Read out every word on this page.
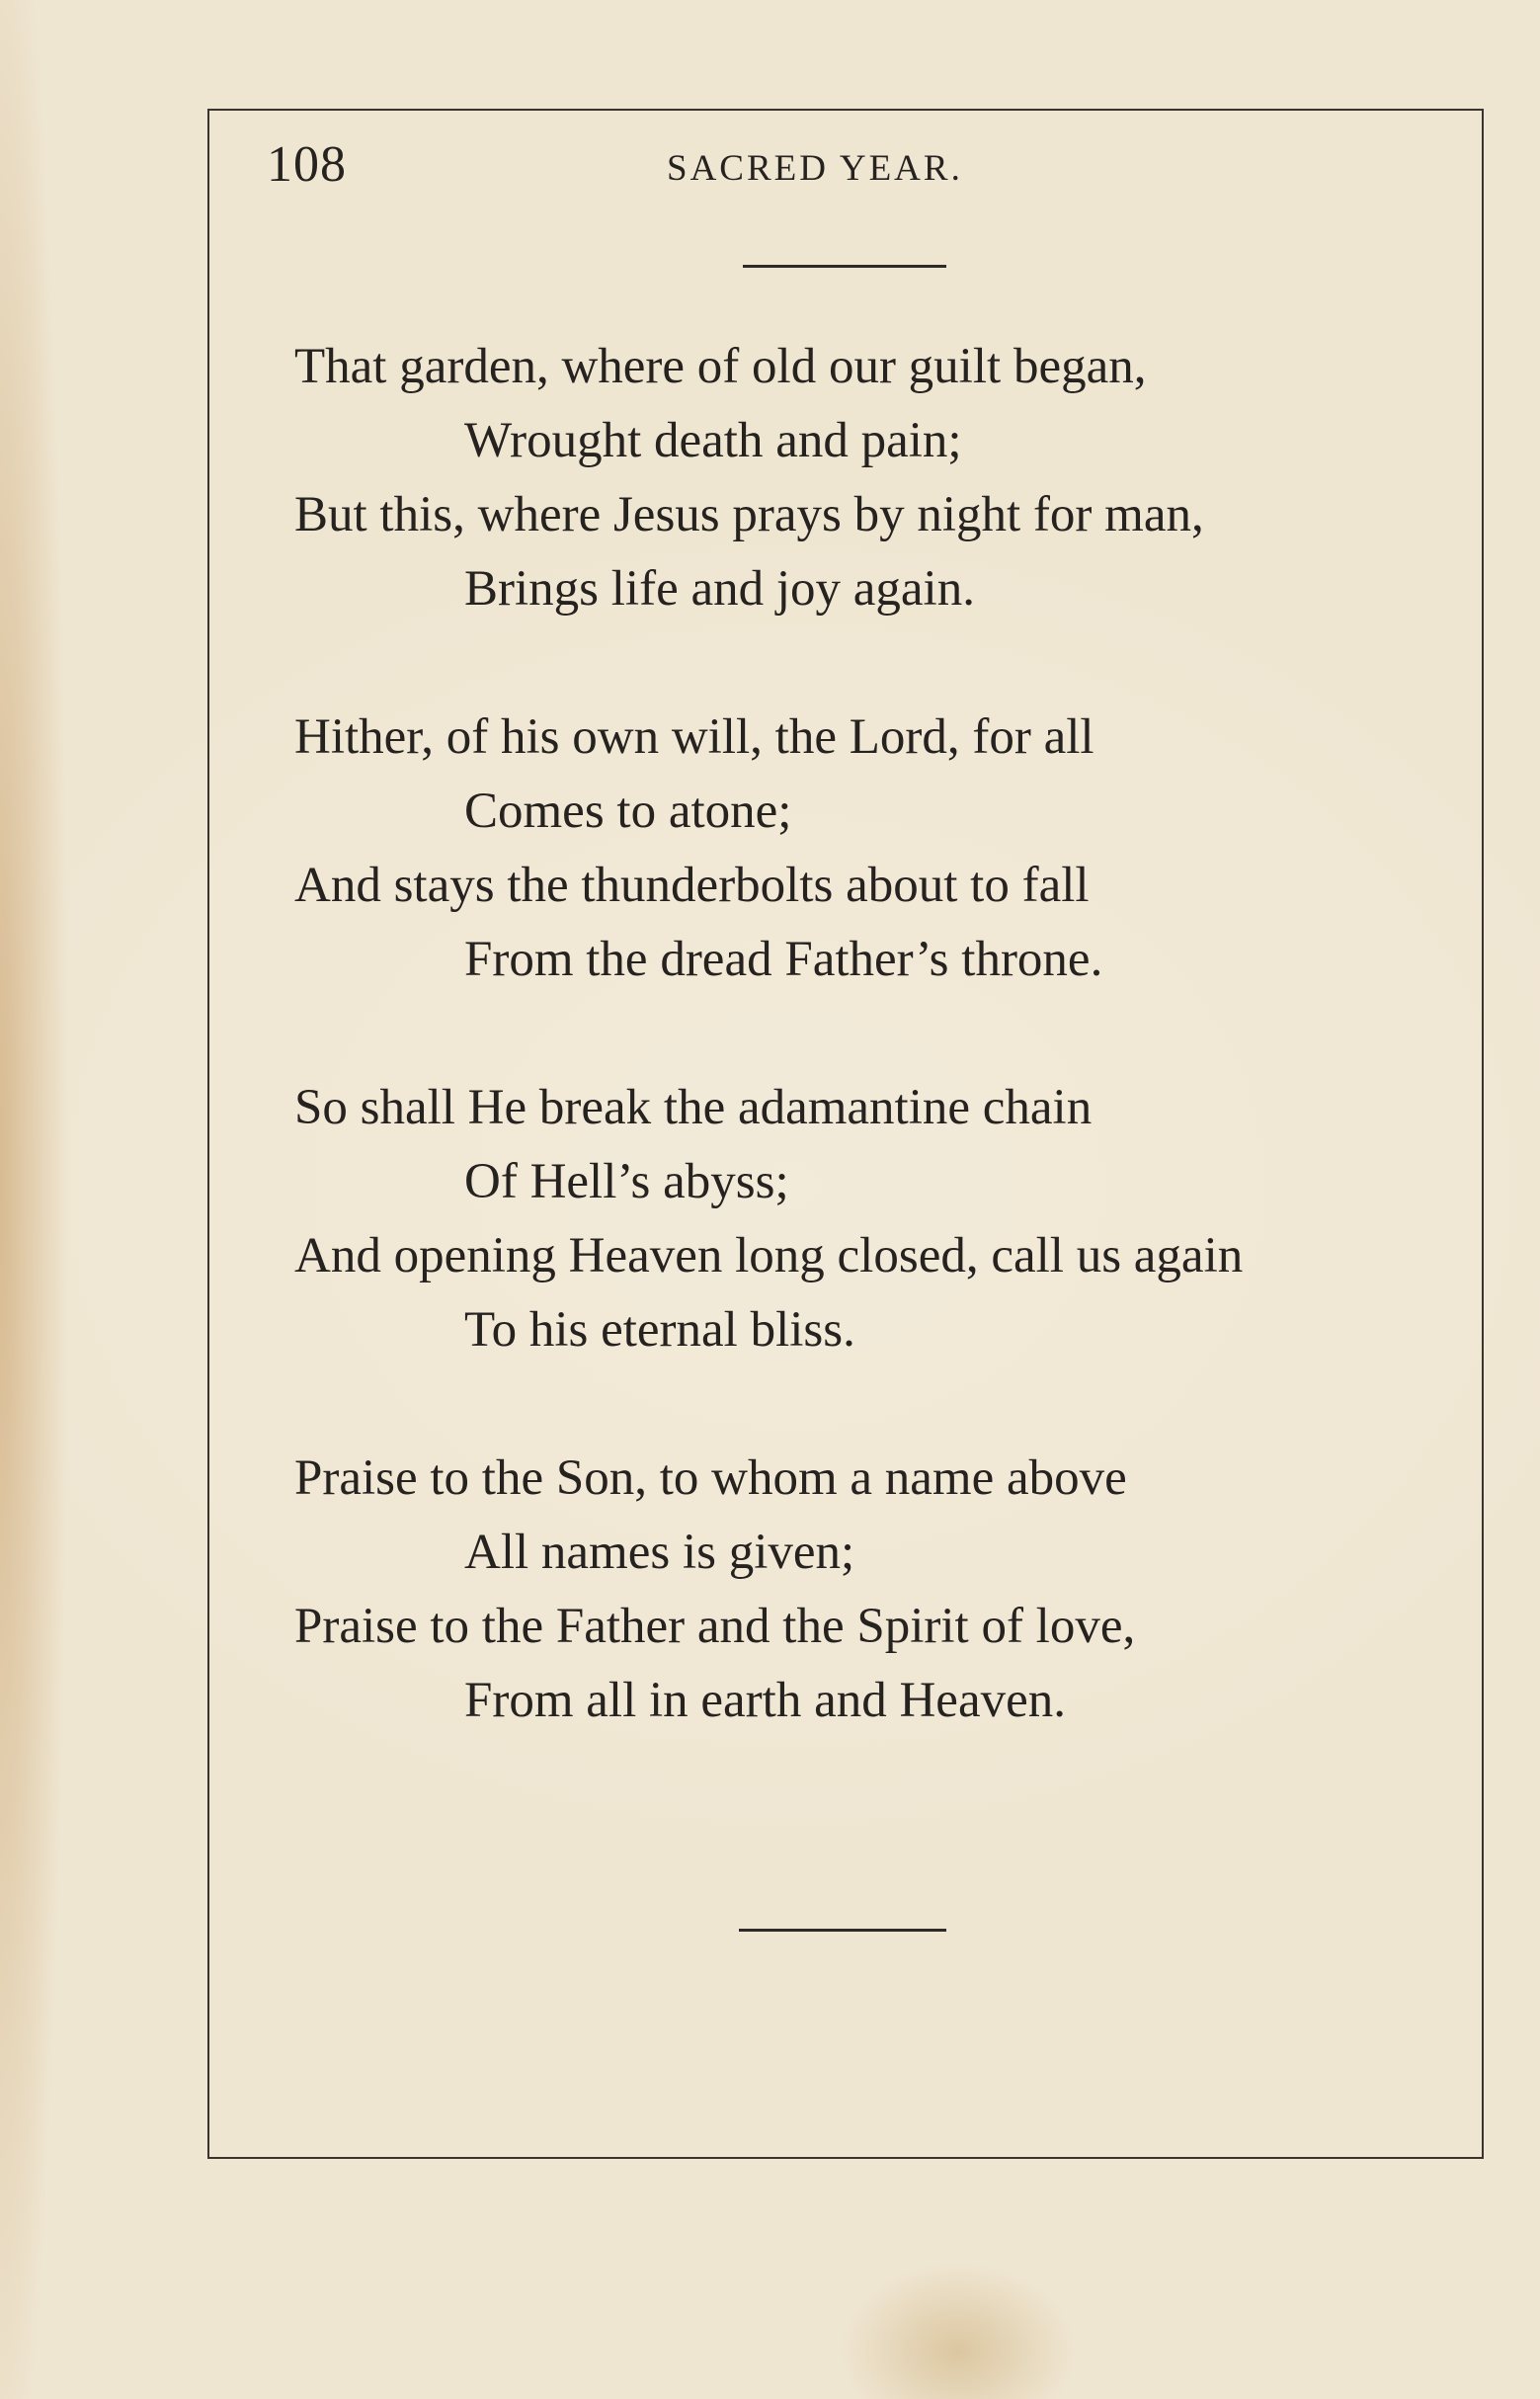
108	SACRED YEAR.
That garden, where of old our guilt began,
Wrought death and pain;
But this, where Jesus prays by night for man,
Brings life and joy again.
Hither, of his own will, the Lord, for all
Comes to atone;
And stays the thunderbolts about to fall
From the dread Father’s throne.
So shall He break the adamantine chain
Of Hell’s abyss;
And opening Heaven long closed, call us again
To his eternal bliss.
Praise to the Son, to whom a name above
All names is given;
Praise to the Father and the Spirit of love,
From all in earth and Heaven.
